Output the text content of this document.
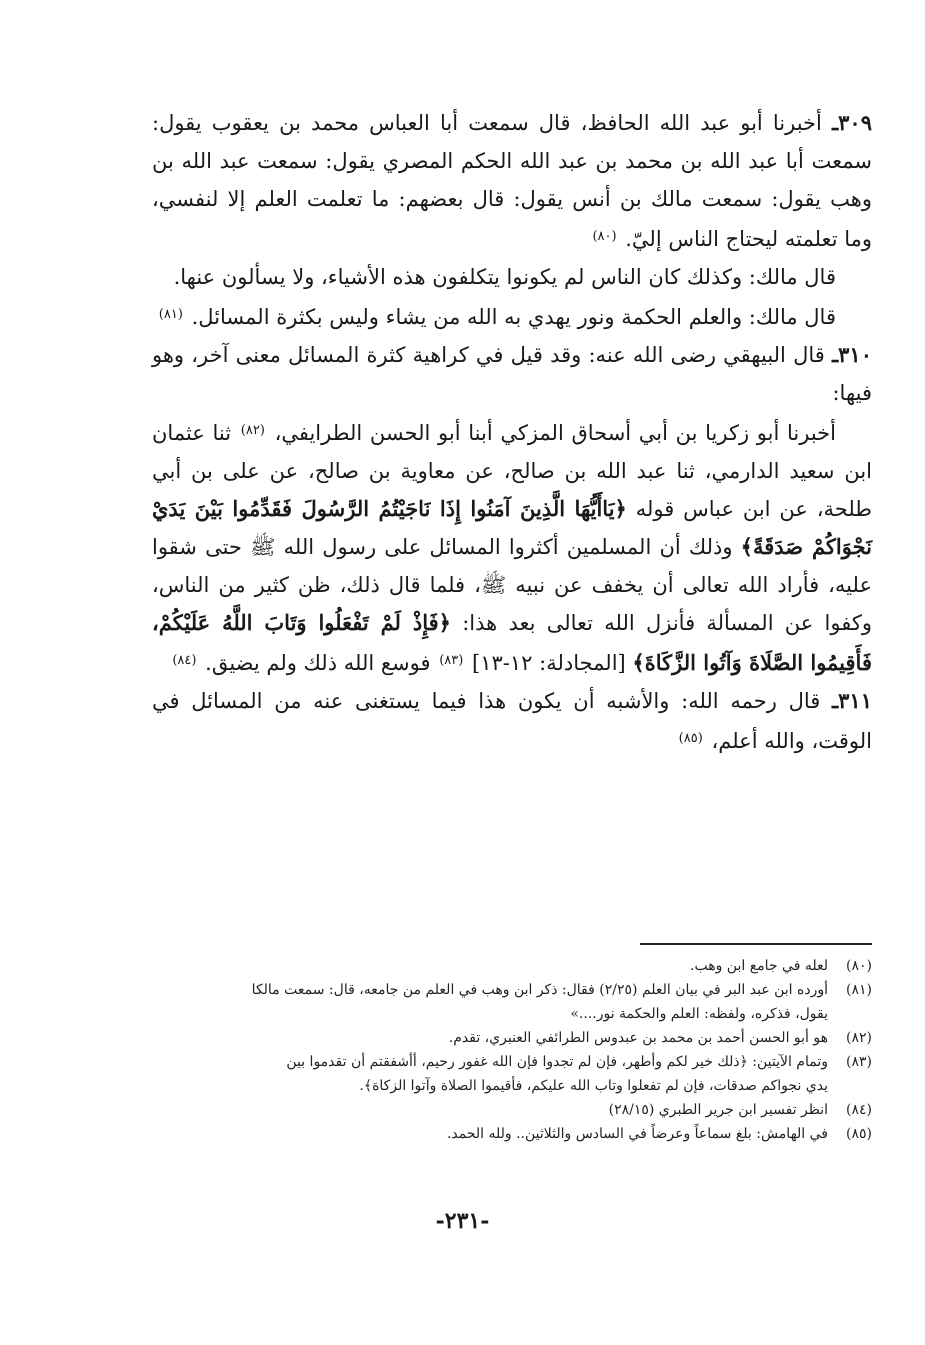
٣٠٩ـ أخبرنا أبو عبد الله الحافظ، قال سمعت أبا العباس محمد بن يعقوب يقول: سمعت أبا عبد الله بن محمد بن عبد الله الحكم المصري يقول: سمعت عبد الله بن وهب يقول: سمعت مالك بن أنس يقول: قال بعضهم: ما تعلمت العلم إلا لنفسي، وما تعلمته ليحتاج الناس إليّ. $^{(٨٠)}$

قال مالك: وكذلك كان الناس لم يكونوا يتكلفون هذه الأشياء، ولا يسألون عنها.

قال مالك: والعلم الحكمة ونور يهدي به الله من يشاء وليس بكثرة المسائل. $^{(٨١)}$

٣١٠ـ قال البيهقي رضى الله عنه: وقد قيل في كراهية كثرة المسائل معنى آخر، وهو فيها:

أخبرنا أبو زكريا بن أبي أسحاق المزكي أبنا أبو الحسن الطرايفي، $^{(٨٢)}$ ثنا عثمان ابن سعيد الدارمي، ثنا عبد الله بن صالح، عن معاوية بن صالح، عن على بن أبي طلحة، عن ابن عباس قوله ﴿يَاأَيُّهَا الَّذِينَ آمَنُوا إِذَا نَاجَيْتُمُ الرَّسُولَ فَقَدِّمُوا بَيْنَ يَدَيْ نَجْوَاكُمْ صَدَقَةً﴾ وذلك أن المسلمين أكثروا المسائل على رسول الله ﷺ حتى شقوا عليه، فأراد الله تعالى أن يخفف عن نبيه ﷺ، فلما قال ذلك، ظن كثير من الناس، وكفوا عن المسألة فأنزل الله تعالى بعد هذا: ﴿فَإِذْ لَمْ تَفْعَلُوا وَتَابَ اللَّهُ عَلَيْكُمْ، فَأَقِيمُوا الصَّلَاةَ وَآتُوا الزَّكَاةَ﴾ [المجادلة: ١٢-١٣] $^{(٨٣)}$ فوسع الله ذلك ولم يضيق. $^{(٨٤)}$

٣١١ـ قال رحمه الله: والأشبه أن يكون هذا فيما يستغنى عنه من المسائل في الوقت، والله أعلم، $^{(٨٥)}$

(٨٠)
لعله في جامع ابن وهب.
(٨١)
أورده ابن عبد البر في بيان العلم (٢/٢٥) فقال: ذكر ابن وهب في العلم من جامعه، قال: سمعت مالكا
يقول، فذكره، ولفظه: العلم والحكمة نور....»
(٨٢)
هو أبو الحسن أحمد بن محمد بن عبدوس الطرائفي العنبري، تقدم.
(٨٣)
وتمام الآيتين: ﴿ذلك خير لكم وأطهر، فإن لم تجدوا فإن الله غفور رحيم، أأشفقتم أن تقدموا بين
يدي نجواكم صدقات، فإن لم تفعلوا وتاب الله عليكم، فأقيموا الصلاة وآتوا الزكاة﴾.
(٨٤)
انظر تفسير ابن جرير الطبري (٢٨/١٥)
(٨٥)
في الهامش: بلغ سماعاً وعرضاً في السادس والثلاثين.. ولله الحمد.
-٢٣١-
